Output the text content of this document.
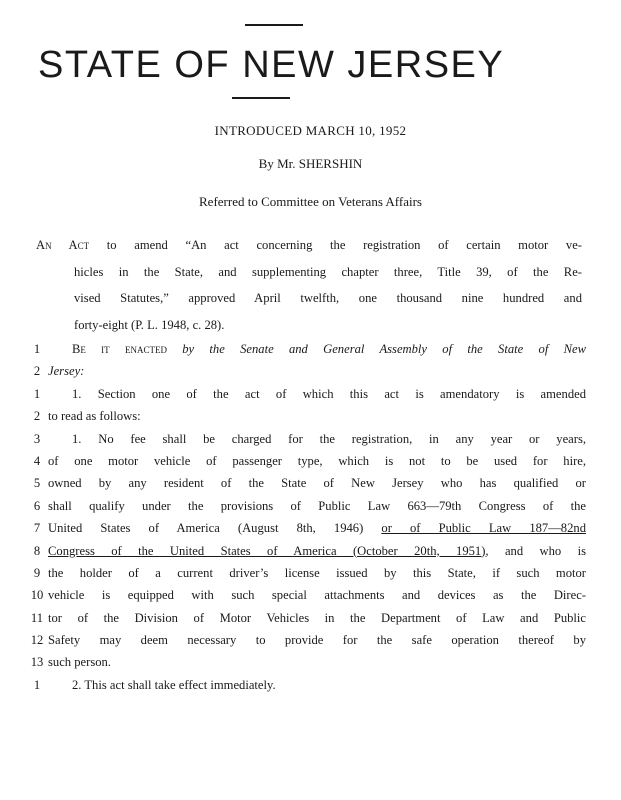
STATE OF NEW JERSEY
INTRODUCED MARCH 10, 1952
By Mr. SHERSHIN
Referred to Committee on Veterans Affairs
An Act to amend “An act concerning the registration of certain motor ve-
hicles in the State, and supplementing chapter three, Title 39, of the Re-
vised Statutes,” approved April twelfth, one thousand nine hundred and
forty-eight (P. L. 1948, c. 28).
1	Be it enacted by the Senate and General Assembly of the State of New
2 Jersey:
1	1. Section one of the act of which this act is amendatory is amended
2 to read as follows:
3	1. No fee shall be charged for the registration, in any year or years,
4 of one motor vehicle of passenger type, which is not to be used for hire,
5 owned by any resident of the State of New Jersey who has qualified or
6 shall qualify under the provisions of Public Law 663—79th Congress of the
7 United States of America (August 8th, 1946) or of Public Law 187—82nd
8 Congress of the United States of America (October 20th, 1951), and who is
9 the holder of a current driver’s license issued by this State, if such motor
10 vehicle is equipped with such special attachments and devices as the Direc-
11 tor of the Division of Motor Vehicles in the Department of Law and Public
12 Safety may deem necessary to provide for the safe operation thereof by
13 such person.
1	2. This act shall take effect immediately.
